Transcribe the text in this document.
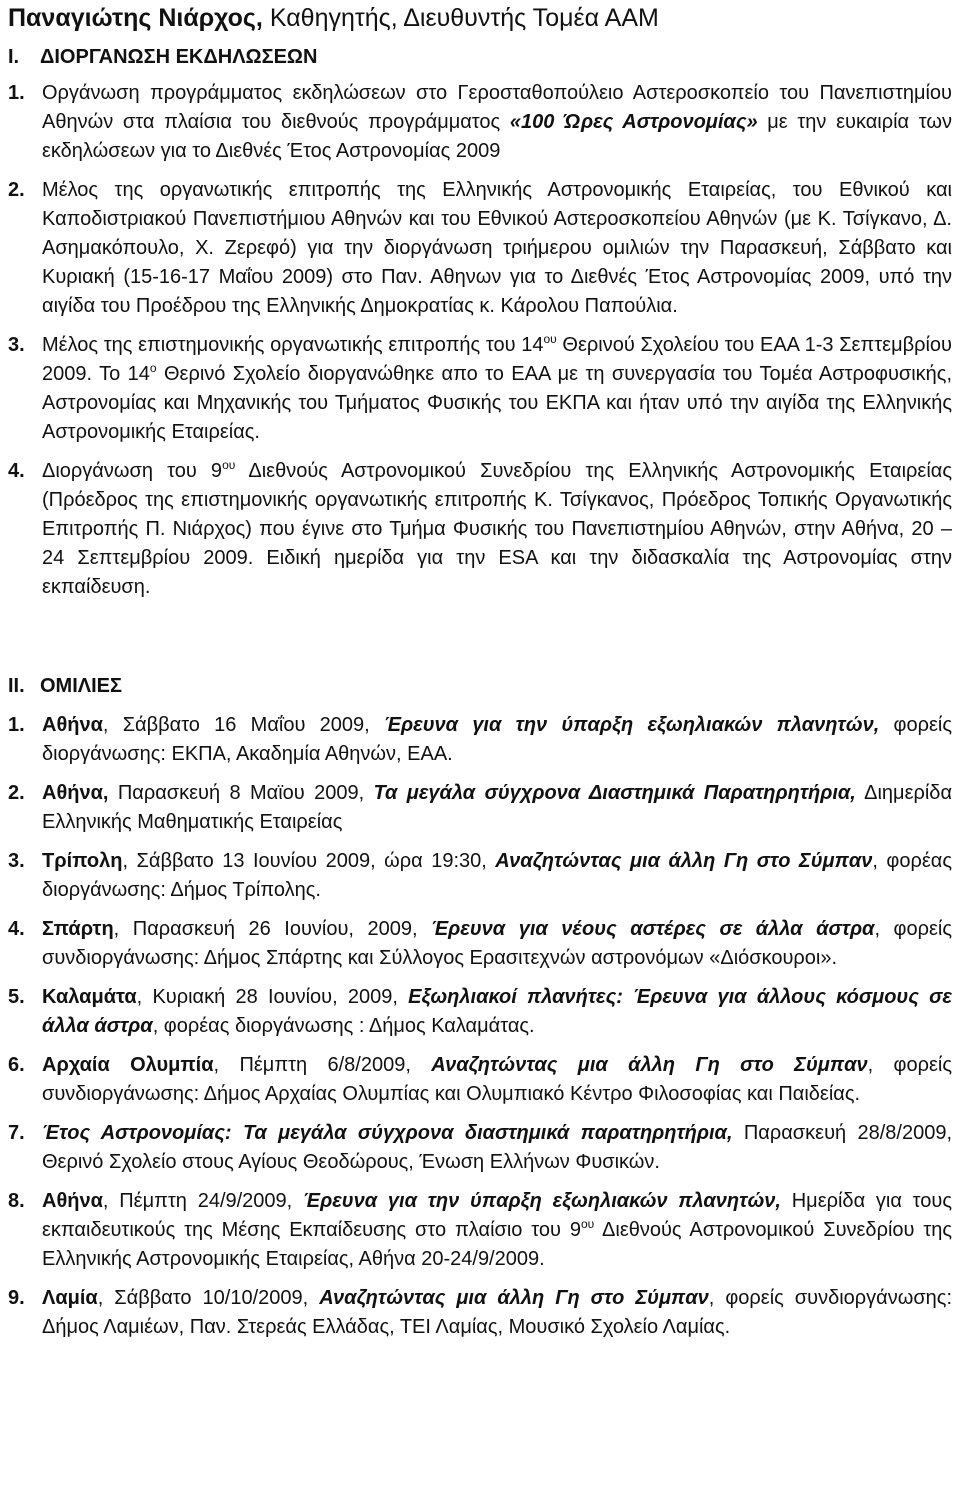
Παναγιώτης Νιάρχος, Καθηγητής, Διευθυντής Τομέα ΑΑΜ
Ι. ΔΙΟΡΓΑΝΩΣΗ ΕΚΔΗΛΩΣΕΩΝ
1. Οργάνωση προγράμματος εκδηλώσεων στο Γεροσταθοπούλειο Αστεροσκοπείο του Πανεπιστημίου Αθηνών στα πλαίσια του διεθνούς προγράμματος «100 Ώρες Αστρονομίας» με την ευκαιρία των εκδηλώσεων για το Διεθνές Έτος Αστρονομίας 2009
2. Μέλος της οργανωτικής επιτροπής της Ελληνικής Αστρονομικής Εταιρείας, του Εθνικού και Καποδιστριακού Πανεπιστήμιου Αθηνών και του Εθνικού Αστεροσκοπείου Αθηνών (με Κ. Τσίγκανο, Δ. Ασημακόπουλο, Χ. Ζερεφό) για την διοργάνωση τριήμερου ομιλιών την Παρασκευή, Σάββατο και Κυριακή (15-16-17 Μαΐου 2009) στο Παν. Αθηνων για το Διεθνές Έτος Αστρονομίας 2009, υπό την αιγίδα του Προέδρου της Ελληνικής Δημοκρατίας κ. Κάρολου Παπούλια.
3. Μέλος της επιστημονικής οργανωτικής επιτροπής του $14^{o\upsilon}$ Θερινού Σχολείου του ΕΑΑ 1-3 Σεπτεμβρίου 2009. Το $14^o$ Θερινό Σχολείο διοργανώθηκε απο το ΕΑΑ με τη συνεργασία του Τομέα Αστροφυσικής, Αστρονομίας και Μηχανικής του Τμήματος Φυσικής του ΕΚΠΑ και ήταν υπό την αιγίδα της Ελληνικής Αστρονομικής Εταιρείας.
4. Διοργάνωση του $9^{o\upsilon}$ Διεθνούς Αστρονομικού Συνεδρίου της Ελληνικής Αστρονομικής Εταιρείας (Πρόεδρος της επιστημονικής οργανωτικής επιτροπής Κ. Τσίγκανος, Πρόεδρος Τοπικής Οργανωτικής Επιτροπής Π. Νιάρχος) που έγινε στο Τμήμα Φυσικής του Πανεπιστημίου Αθηνών, στην Αθήνα, 20 – 24 Σεπτεμβρίου 2009. Ειδική ημερίδα για την ESA και την διδασκαλία της Αστρονομίας στην εκπαίδευση.
ΙΙ. ΟΜΙΛΙΕΣ
1. Αθήνα, Σάββατο 16 Μαΐου 2009, Έρευνα για την ύπαρξη εξωηλιακών πλανητών, φορείς διοργάνωσης: ΕΚΠΑ, Ακαδημία Αθηνών, ΕΑΑ.
2. Αθήνα, Παρασκευή 8 Μαϊου 2009, Τα μεγάλα σύγχρονα Διαστημικά Παρατηρητήρια, Διημερίδα Ελληνικής Μαθηματικής Εταιρείας
3. Τρίπολη, Σάββατο 13 Ιουνίου 2009, ώρα 19:30, Αναζητώντας μια άλλη Γη στο Σύμπαν, φορέας διοργάνωσης: Δήμος Τρίπολης.
4. Σπάρτη, Παρασκευή 26 Ιουνίου, 2009, Έρευνα για νέους αστέρες σε άλλα άστρα, φορείς συνδιοργάνωσης: Δήμος Σπάρτης και Σύλλογος Ερασιτεχνών αστρονόμων «Διόσκουροι».
5. Καλαμάτα, Κυριακή 28 Ιουνίου, 2009, Εξωηλιακοί πλανήτες: Έρευνα για άλλους κόσμους σε άλλα άστρα, φορέας διοργάνωσης : Δήμος Καλαμάτας.
6. Αρχαία Ολυμπία, Πέμπτη 6/8/2009, Αναζητώντας μια άλλη Γη στο Σύμπαν, φορείς συνδιοργάνωσης: Δήμος Αρχαίας Ολυμπίας και Ολυμπιακό Κέντρο Φιλοσοφίας και Παιδείας.
7. Έτος Αστρονομίας: Τα μεγάλα σύγχρονα διαστημικά παρατηρητήρια, Παρασκευή 28/8/2009, Θερινό Σχολείο στους Αγίους Θεοδώρους, Ένωση Ελλήνων Φυσικών.
8. Αθήνα, Πέμπτη 24/9/2009, Έρευνα για την ύπαρξη εξωηλιακών πλανητών, Ημερίδα για τους εκπαιδευτικούς της Μέσης Εκπαίδευσης στο πλαίσιο του $9^{o\upsilon}$ Διεθνούς Αστρονομικού Συνεδρίου της Ελληνικής Αστρονομικής Εταιρείας, Αθήνα 20-24/9/2009.
9. Λαμία, Σάββατο 10/10/2009, Αναζητώντας μια άλλη Γη στο Σύμπαν, φορείς συνδιοργάνωσης: Δήμος Λαμιέων, Παν. Στερεάς Ελλάδας, ΤΕΙ Λαμίας, Μουσικό Σχολείο Λαμίας.
